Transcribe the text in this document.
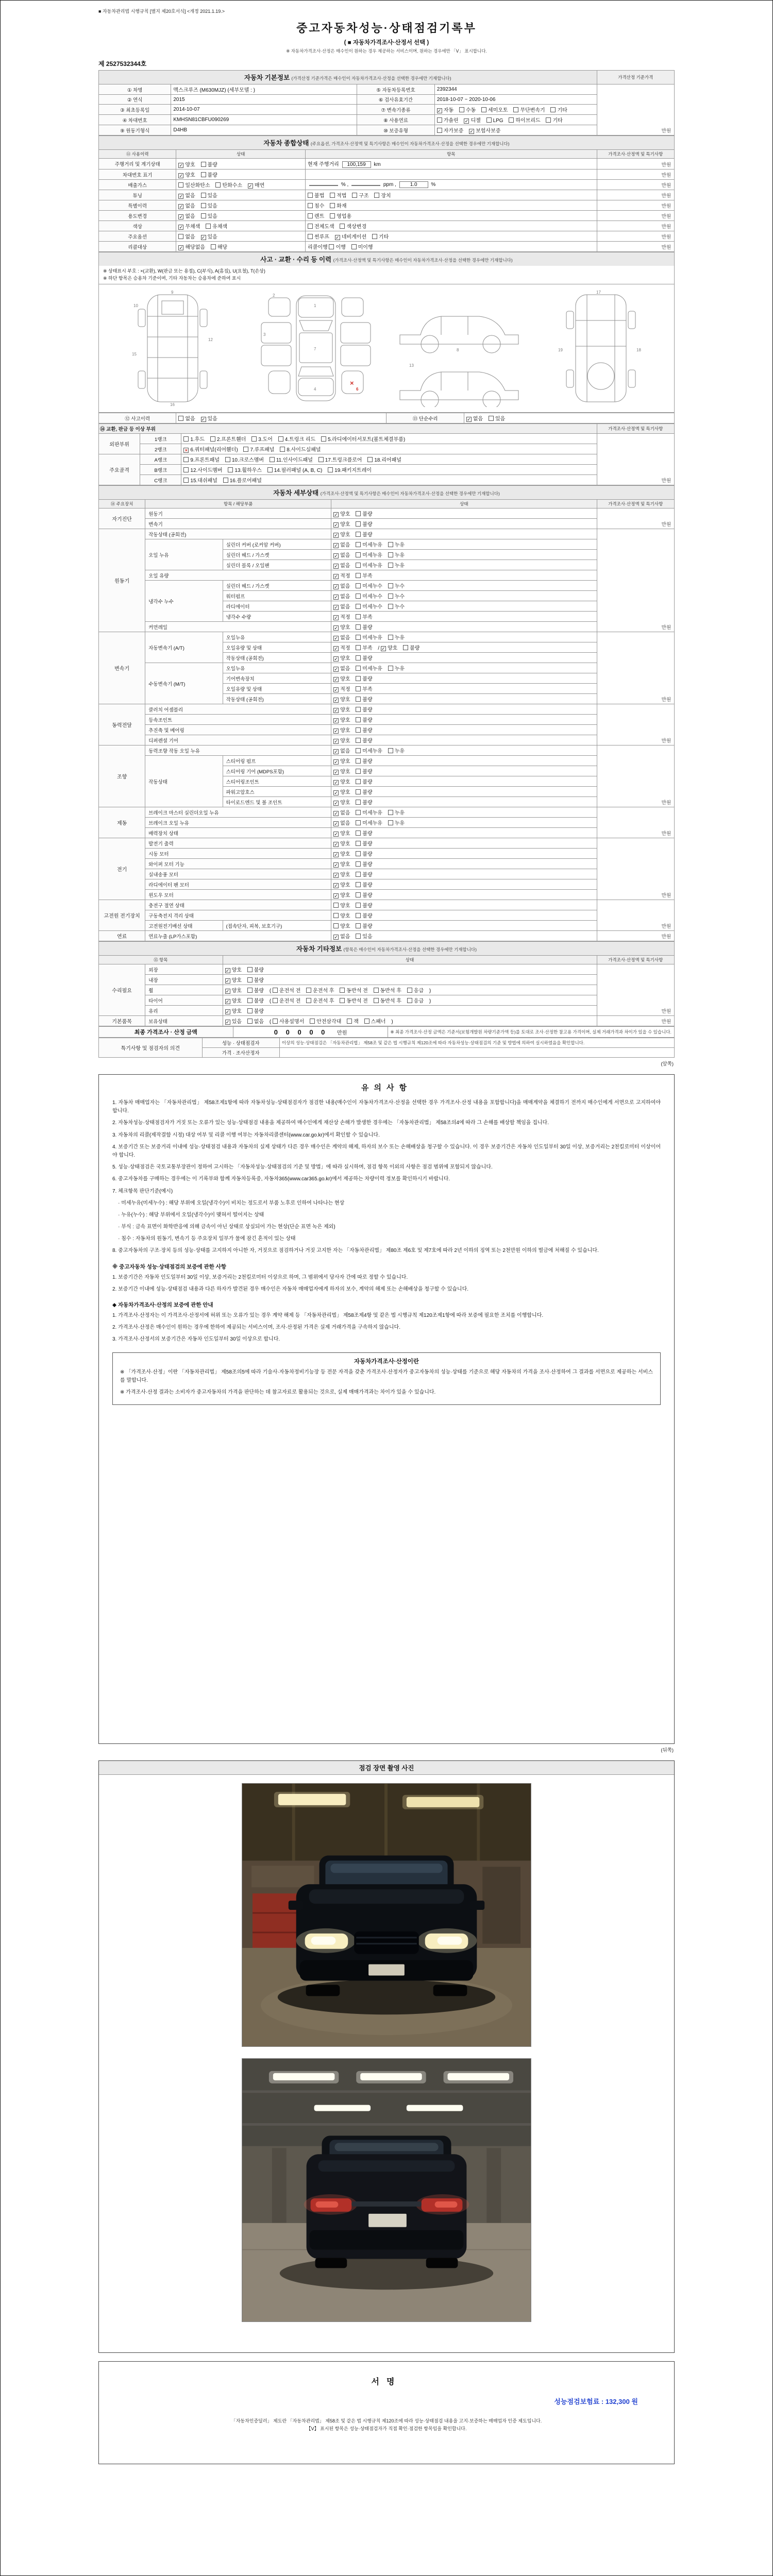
■ 자동차관리법 시행규칙 [별지 제20호서식] <개정 2021.1.19.>
중고자동차성능·상태점검기록부
( ■ 자동차가격조사·산정서 선택 )
※ 자동차가격조사·산정은 매수인이 원하는 경우 제공하는 서비스이며, 원하는 경우에만 「Ⅴ」 표시합니다.
제 2527532344호
자동차 기본정보 (가격산정 기준가격은 매수인이 자동차가격조사·산정을 선택한 경우에만 기재합니다)				가격산정 기준가격
① 차명	맥스크루즈 (M630MJZ) (세부모델 : )	⑤ 자동차등록번호	2392344	만원
② 연식	2015	⑥ 검사유효기간	2018-10-07 ~ 2020-10-06	
③ 최초등록일	2014-10-07	⑦ 변속기종류	✓ 자동 수동 세미오토 무단변속기 기타	
④ 차대번호	KMHSN81CBFU090269	⑧ 사용연료	가솔린 ✓ 디젤 LPG 하이브리드 기타	
⑨ 원동기형식	D4HB	⑩ 보증유형	자가보증 ✓ 보험사보증	
자동차 종합상태 (주요옵션, 가격조사·산정액 및 특기사항은 매수인이 자동차가격조사·산정을 선택한 경우에만 기재합니다)			
⑪ 사용이력	상태	항목	가격조사·산정액 및 특기사항
주행거리 및 계기상태	✓ 양호 불량	현재 주행거리 100,159 km	만원
차대번호 표기	✓ 양호 불량		만원
배출가스	일산화탄소 탄화수소 ✓ 매연	% , ppm , 1.0 %	만원
튜닝	✓ 없음 있음	불법 적법 구조 장치	만원
특별이력	✓ 없음 있음	침수 화재	만원
용도변경	✓ 없음 있음	렌트 영업용	만원
색상	✓ 무채색 유채색	전체도색 색상변경	만원
주요옵션	없음 ✓ 있음	썬루프 ✓ 네비게이션 기타	만원
리콜대상	✓ 해당없음 해당	리콜이행 이행 미이행	만원
사고 · 교환 · 수리 등 이력 (가격조사·산정액 및 특기사항은 매수인이 자동차가격조사·산정을 선택한 경우에만 기재합니다)
※ 상태표시 부호 : ×(교환), W(판금 또는 용접), C(부식), A(흠집), U(요철), T(손상)
※ 하단 항목은 승용차 기준이며, 기타 자동차는 승용차에 준하여 표시
9
10
12
15
16
1
2
3
4
7
×
6
8
13
17
18
19
⑫ 사고이력	없음 ✓ 있음	⑬ 단순수리	✓ 없음 있음
⑭ 교환, 판금 등 이상 부위			가격조사·산정액 및 특기사항
외판부위	1랭크	1.후드 2.프론트휀더 3.도어 4.트렁크 리드 5.라디에이터서포트(볼트체결부품)	만원
	2랭크	× 6.쿼터패널(리어휀더) 7.루프패널 8.사이드실패널	
주요골격	A랭크	9.프론트패널 10.크로스멤버 11.인사이드패널 17.트렁크플로어 18.리어패널	
	B랭크	12.사이드멤버 13.휠하우스 14.필러패널 (A, B, C) 19.패키지트레이	
	C랭크	15.대쉬패널 16.플로어패널	
자동차 세부상태 (가격조사·산정액 및 특기사항은 매수인이 자동차가격조사·산정을 선택한 경우에만 기재합니다)				
⑭ 주요장치	항목 / 해당부품		상태	가격조사·산정액 및 특기사항
자기진단	원동기		✓ 양호 불량	만원
	변속기		✓ 양호 불량	
원동기	작동상태 (공회전)		✓ 양호 불량	만원
	오일 누유	실린더 커버 (로커암 커버)	✓ 없음 미세누유 누유	
		실린더 헤드 / 가스켓	✓ 없음 미세누유 누유	
		실린더 블록 / 오일팬	✓ 없음 미세누유 누유	
	오일 유량		✓ 적정 부족	
	냉각수 누수	실린더 헤드 / 가스켓	✓ 없음 미세누수 누수	
		워터펌프	✓ 없음 미세누수 누수	
		라디에이터	✓ 없음 미세누수 누수	
		냉각수 수량	✓ 적정 부족	
	커먼레일		✓ 양호 불량	
변속기	자동변속기 (A/T)	오일누유	✓ 없음 미세누유 누유	만원
		오일유량 및 상태	✓ 적정 부족 / ✓ 양호 불량	
		작동상태 (공회전)	✓ 양호 불량	
	수동변속기 (M/T)	오일누유	✓ 없음 미세누유 누유	
		기어변속장치	✓ 양호 불량	
		오일유량 및 상태	✓ 적정 부족	
		작동상태 (공회전)	✓ 양호 불량	
동력전달	클러치 어셈블리		✓ 양호 불량	만원
	등속조인트		✓ 양호 불량	
	추진축 및 베어링		✓ 양호 불량	
	디퍼렌셜 기어		✓ 양호 불량	
조향	동력조향 작동 오일 누유		✓ 없음 미세누유 누유	만원
	작동상태	스티어링 펌프	✓ 양호 불량	
		스티어링 기어 (MDPS포함)	✓ 양호 불량	
		스티어링조인트	✓ 양호 불량	
		파워고압호스	✓ 양호 불량	
		타이로드엔드 및 볼 조인트	✓ 양호 불량	
제동	브레이크 마스터 실린더오일 누유		✓ 없음 미세누유 누유	만원
	브레이크 오일 누유		✓ 없음 미세누유 누유	
	배력장치 상태		✓ 양호 불량	
전기	발전기 출력		✓ 양호 불량	만원
	시동 모터		✓ 양호 불량	
	와이퍼 모터 기능		✓ 양호 불량	
	실내송풍 모터		✓ 양호 불량	
	라디에이터 팬 모터		✓ 양호 불량	
	윈도우 모터		✓ 양호 불량	
고전원 전기장치	충전구 절연 상태		양호 불량	만원
	구동축전지 격리 상태		양호 불량	
	고전원전기배선 상태	(접속단자, 피복, 보호기구)	양호 불량	
연료	연료누출 (LP가스포함)		✓ 없음 있음	만원
자동차 기타정보 (항목은 매수인이 자동차가격조사·산정을 선택한 경우에만 기재합니다)			
⑮ 항목		상태	가격조사·산정액 및 특기사항
수리필요	외장	✓ 양호 불량	만원
	내장	✓ 양호 불량	
	휠	✓ 양호 불량 ( 운전석 전 운전석 후 동반석 전 동반석 후 응급 )	
	타이어	✓ 양호 불량 ( 운전석 전 운전석 후 동반석 전 동반석 후 응급 )	
	유리	✓ 양호 불량	
기본품목	보유상태	✓ 있음 없음 ( 사용설명서 안전삼각대 잭 스패너 )	만원
최종 가격조사 · 산정 금액	0 0 0 0 0 만원	※ 최종 가격조사·산정 금액은 기준서(보험개발원 차량기준가액 등)를 토대로 조사·산정한 참고용 가격이며, 실제 거래가격과 차이가 있을 수 있습니다.
특기사항 및 점검자의 의견	성능 · 상태점검자	이상의 성능·상태점검은 「자동차관리법」 제58조 및 같은 법 시행규칙 제120조에 따라 자동차성능·상태점검의 기준 및 방법에 의하여 실시하였음을 확인합니다.
	가격 · 조사산정자	
(앞쪽)
유의사항
1. 자동차 매매업자는 「자동차관리법」 제58조제1항에 따라 자동차성능·상태점검자가 점검한 내용(매수인이 자동차가격조사·산정을 선택한 경우 가격조사·산정 내용을 포함합니다)을 매매계약을 체결하기 전까지 매수인에게 서면으로 고지하여야 합니다.
2. 자동차성능·상태점검자가 거짓 또는 오류가 있는 성능·상태점검 내용을 제공하여 매수인에게 재산상 손해가 발생한 경우에는 「자동차관리법」 제58조의4에 따라 그 손해를 배상할 책임을 집니다.
3. 자동차의 리콜(제작결함 시정) 대상 여부 및 리콜 이행 여부는 자동차리콜센터(www.car.go.kr)에서 확인할 수 있습니다.
4. 보증기간 또는 보증거리 이내에 성능·상태점검 내용과 자동차의 실제 상태가 다른 경우 매수인은 계약의 해제, 하자의 보수 또는 손해배상을 청구할 수 있습니다. 이 경우 보증기간은 자동차 인도일부터 30일 이상, 보증거리는 2천킬로미터 이상이어야 합니다.
5. 성능·상태점검은 국토교통부장관이 정하여 고시하는 「자동차성능·상태점검의 기준 및 방법」에 따라 실시하며, 점검 항목 이외의 사항은 점검 범위에 포함되지 않습니다.
6. 중고자동차를 구매하는 경우에는 이 기록부와 함께 자동차등록증, 자동차365(www.car365.go.kr)에서 제공하는 차량이력 정보를 확인하시기 바랍니다.
7. 체크항목 판단기준(예시)
· 미세누유(미세누수) : 해당 부위에 오일(냉각수)이 비치는 정도로서 부품 노후로 인하여 나타나는 현상
· 누유(누수) : 해당 부위에서 오일(냉각수)이 맺혀서 떨어지는 상태
· 부식 : 금속 표면이 화학반응에 의해 금속이 아닌 상태로 상실되어 가는 현상(단순 표면 녹은 제외)
· 침수 : 자동차의 원동기, 변속기 등 주요장치 일부가 물에 잠긴 흔적이 있는 상태
8. 중고자동차의 구조·장치 등의 성능·상태를 고지하지 아니한 자, 거짓으로 점검하거나 거짓 고지한 자는 「자동차관리법」 제80조 제6호 및 제7호에 따라 2년 이하의 징역 또는 2천만원 이하의 벌금에 처해질 수 있습니다.
※ 중고자동차 성능·상태점검의 보증에 관한 사항
1. 보증기간은 자동차 인도일부터 30일 이상, 보증거리는 2천킬로미터 이상으로 하며, 그 범위에서 당사자 간에 따로 정할 수 있습니다.
2. 보증기간 이내에 성능·상태점검 내용과 다른 하자가 발견된 경우 매수인은 자동차 매매업자에게 하자의 보수, 계약의 해제 또는 손해배상을 청구할 수 있습니다.
◆ 자동차가격조사·산정의 보증에 관한 안내
1. 가격조사·산정자는 이 가격조사·산정서에 허위 또는 오류가 있는 경우 계약 해제 등 「자동차관리법」 제58조제4항 및 같은 법 시행규칙 제120조제1항에 따라 보증에 필요한 조치를 이행합니다.
2. 가격조사·산정은 매수인이 원하는 경우에 한하여 제공되는 서비스이며, 조사·산정된 가격은 실제 거래가격을 구속하지 않습니다.
3. 가격조사·산정서의 보증기간은 자동차 인도일부터 30일 이상으로 합니다.
자동차가격조사·산정이란
※ 「가격조사·산정」이란 「자동차관리법」 제58조의5에 따라 기술사·자동차정비기능장 등 전문 자격을 갖춘 가격조사·산정자가 중고자동차의 성능·상태를 기준으로 해당 자동차의 가격을 조사·산정하여 그 결과를 서면으로 제공하는 서비스를 말합니다.
※ 가격조사·산정 결과는 소비자가 중고자동차의 가격을 판단하는 데 참고자료로 활용되는 것으로, 실제 매매가격과는 차이가 있을 수 있습니다.
(뒤쪽)
점검 장면 촬영 사진
서명
성능점검보험료 : 132,300 원
「자동차인증딜러」 제도란 「자동차관리법」 제58조 및 같은 법 시행규칙 제120조에 따라 성능·상태점검 내용을 고지·보증하는 매매업자 인증 제도입니다.
【Ⅴ】 표시된 항목은 성능·상태점검자가 직접 확인·점검한 항목임을 확인합니다.
